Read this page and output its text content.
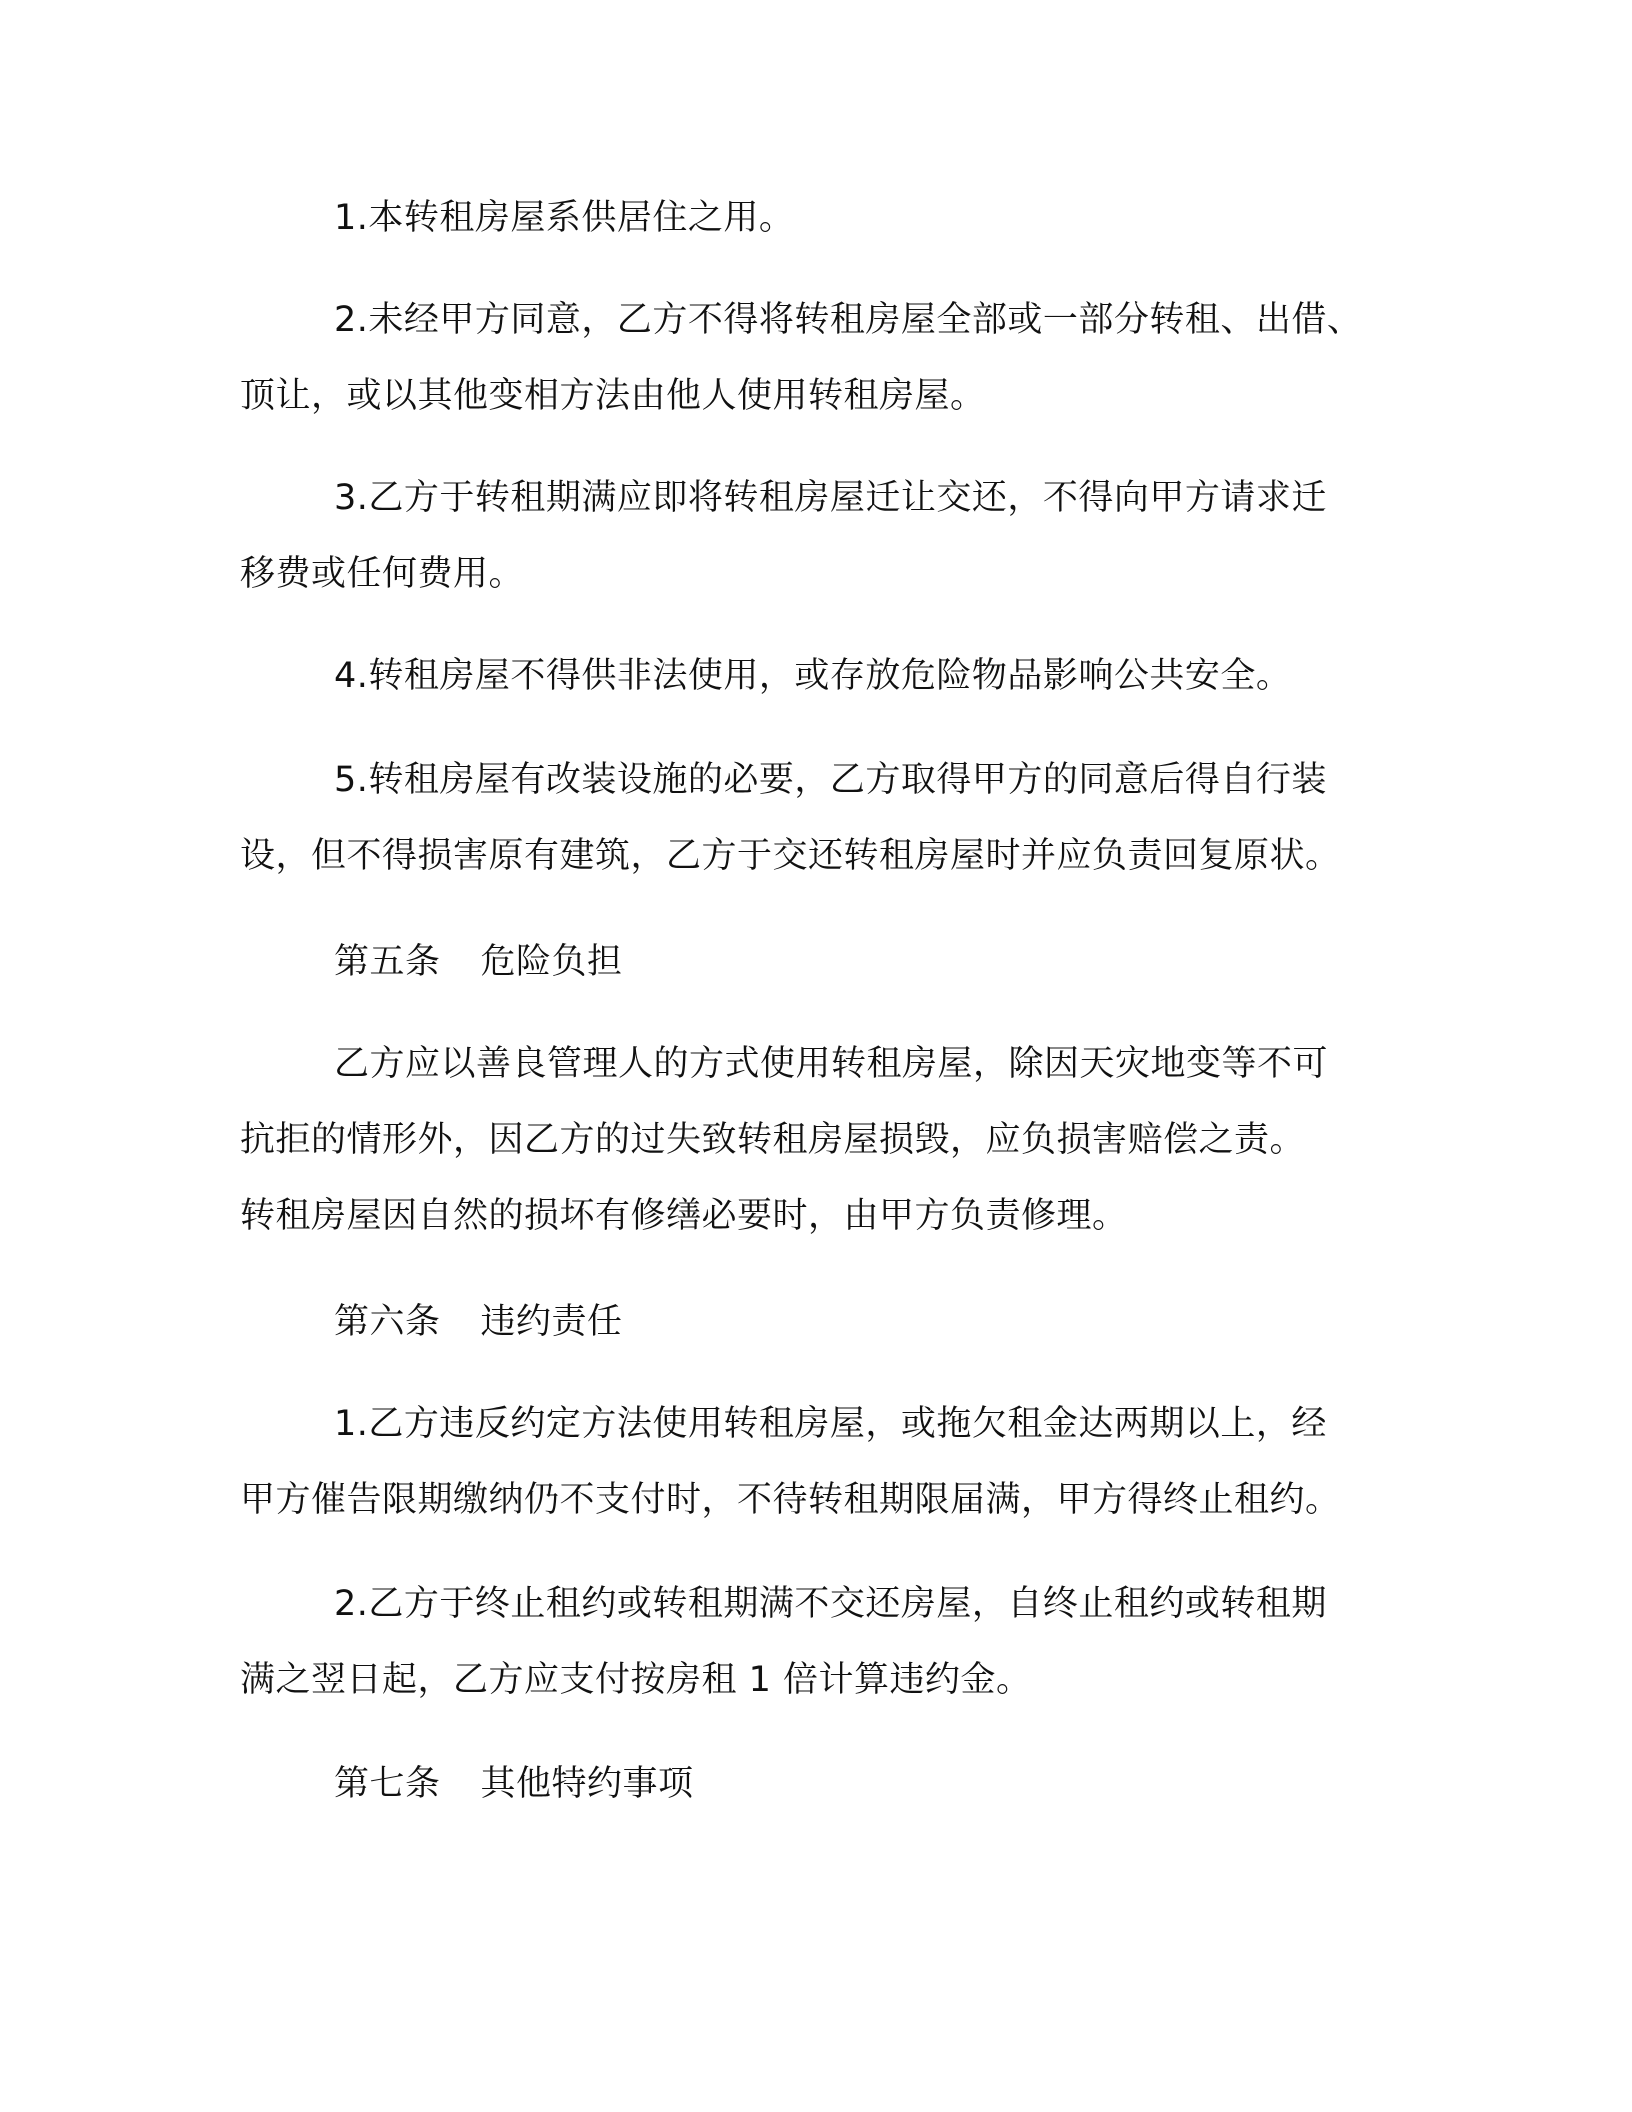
1.本转租房屋系供居住之用。
2.未经甲方同意，乙方不得将转租房屋全部或一部分转租、出借、
顶让，或以其他变相方法由他人使用转租房屋。
3.乙方于转租期满应即将转租房屋迁让交还，不得向甲方请求迁
移费或任何费用。
4.转租房屋不得供非法使用，或存放危险物品影响公共安全。
5.转租房屋有改装设施的必要，乙方取得甲方的同意后得自行装
设，但不得损害原有建筑，乙方于交还转租房屋时并应负责回复原状。
第五条 危险负担
乙方应以善良管理人的方式使用转租房屋，除因天灾地变等不可
抗拒的情形外，因乙方的过失致转租房屋损毁，应负损害赔偿之责。
转租房屋因自然的损坏有修缮必要时，由甲方负责修理。
第六条 违约责任
1.乙方违反约定方法使用转租房屋，或拖欠租金达两期以上，经
甲方催告限期缴纳仍不支付时，不待转租期限届满，甲方得终止租约。
2.乙方于终止租约或转租期满不交还房屋，自终止租约或转租期
满之翌日起，乙方应支付按房租 1 倍计算违约金。
第七条 其他特约事项
